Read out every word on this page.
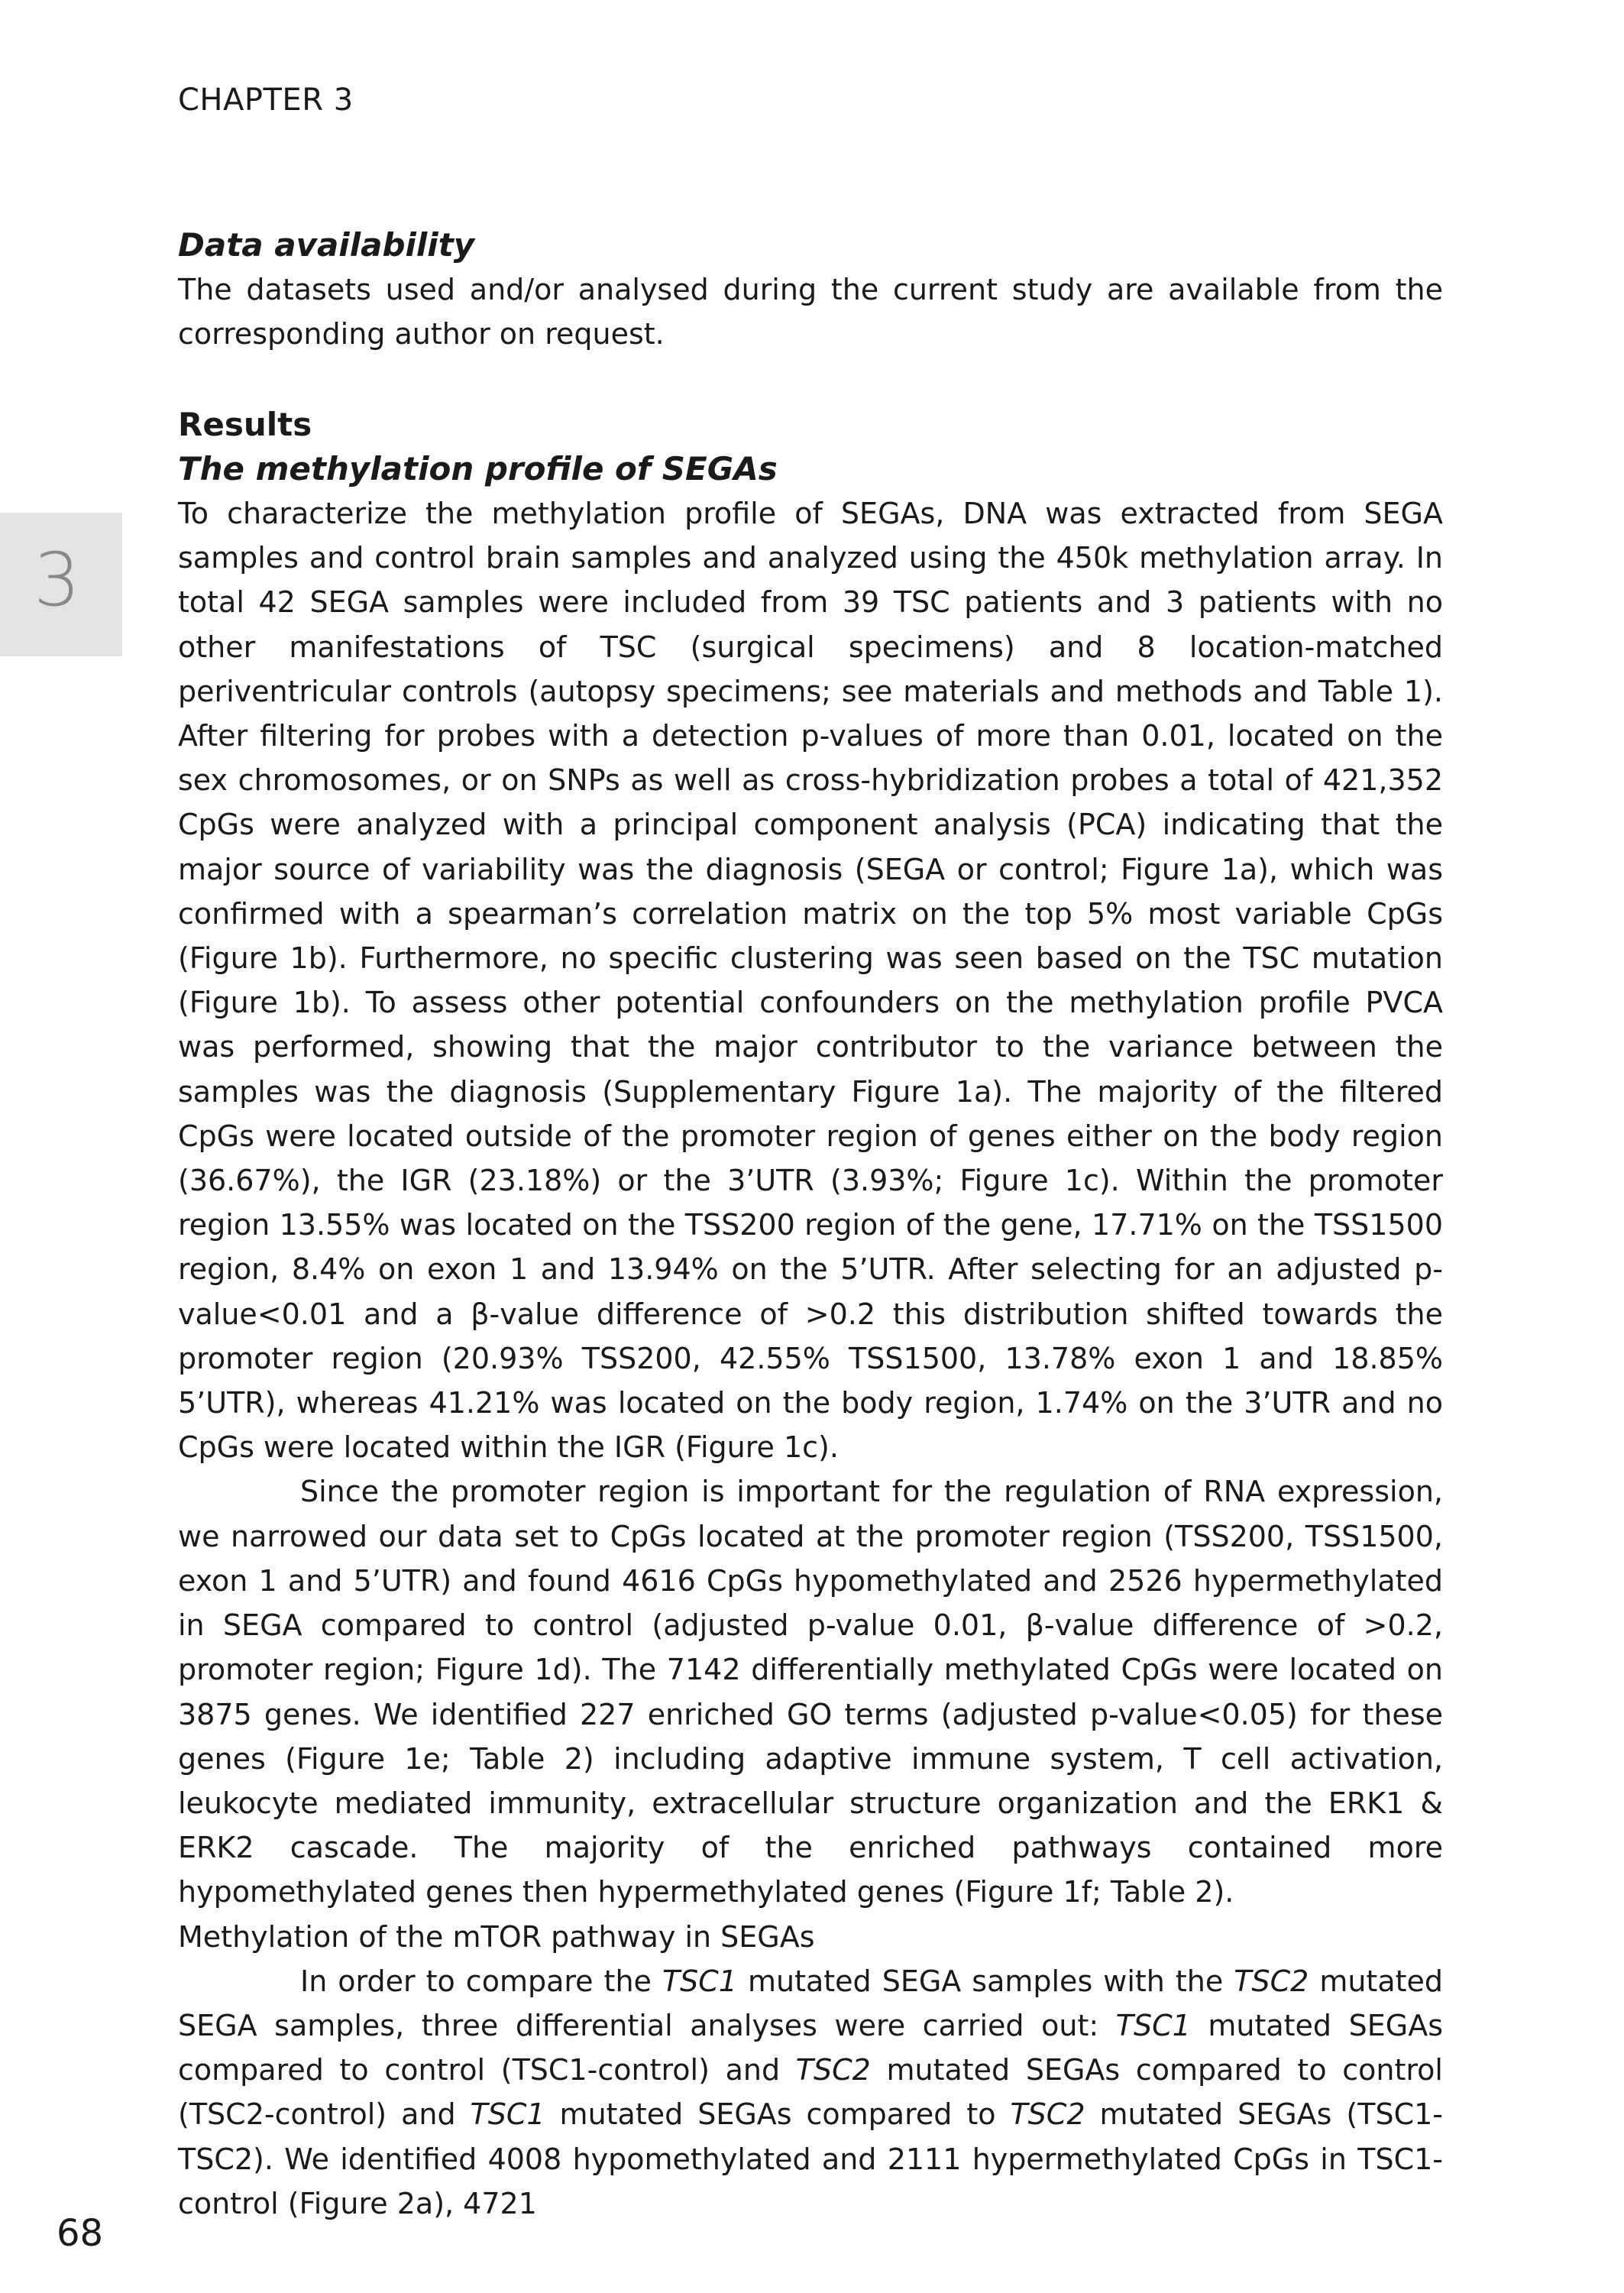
CHAPTER 3
3
Data availability

The datasets used and/or analysed during the current study are available from the corresponding author on request.

Results
The methylation profile of SEGAs

To characterize the methylation profile of SEGAs, DNA was extracted from SEGA samples and control brain samples and analyzed using the 450k methylation array. In total 42 SEGA samples were included from 39 TSC patients and 3 patients with no other manifestations of TSC (surgical specimens) and 8 location-matched periventricular controls (autopsy specimens; see materials and methods and Table 1). After filtering for probes with a detection p-values of more than 0.01, located on the sex chromosomes, or on SNPs as well as cross-hybridization probes a total of 421,352 CpGs were analyzed with a principal component analysis (PCA) indicating that the major source of variability was the diagnosis (SEGA or control; Figure 1a), which was confirmed with a spearman’s correlation matrix on the top 5% most variable CpGs (Figure 1b). Furthermore, no specific clustering was seen based on the TSC mutation (Figure 1b). To assess other potential confounders on the methylation profile PVCA was performed, showing that the major contributor to the variance between the samples was the diagnosis (Supplementary Figure 1a). The majority of the filtered CpGs were located outside of the promoter region of genes either on the body region (36.67%), the IGR (23.18%) or the 3’UTR (3.93%; Figure 1c). Within the promoter region 13.55% was located on the TSS200 region of the gene, 17.71% on the TSS1500 region, 8.4% on exon 1 and 13.94% on the 5’UTR. After selecting for an adjusted p-value<0.01 and a β-value difference of >0.2 this distribution shifted towards the promoter region (20.93% TSS200, 42.55% TSS1500, 13.78% exon 1 and 18.85% 5’UTR), whereas 41.21% was located on the body region, 1.74% on the 3’UTR and no CpGs were located within the IGR (Figure 1c).

Since the promoter region is important for the regulation of RNA expression, we narrowed our data set to CpGs located at the promoter region (TSS200, TSS1500, exon 1 and 5’UTR) and found 4616 CpGs hypomethylated and 2526 hypermethylated in SEGA compared to control (adjusted p-value 0.01, β-value difference of >0.2, promoter region; Figure 1d). The 7142 differentially methylated CpGs were located on 3875 genes. We identified 227 enriched GO terms (adjusted p-value<0.05) for these genes (Figure 1e; Table 2) including adaptive immune system, T cell activation, leukocyte mediated immunity, extracellular structure organization and the ERK1 & ERK2 cascade. The majority of the enriched pathways contained more hypomethylated genes then hypermethylated genes (Figure 1f; Table 2).

Methylation of the mTOR pathway in SEGAs

In order to compare the TSC1 mutated SEGA samples with the TSC2 mutated SEGA samples, three differential analyses were carried out: TSC1 mutated SEGAs compared to control (TSC1-control) and TSC2 mutated SEGAs compared to control (TSC2-control) and TSC1 mutated SEGAs compared to TSC2 mutated SEGAs (TSC1-TSC2). We identified 4008 hypomethylated and 2111 hypermethylated CpGs in TSC1-control (Figure 2a), 4721

68
